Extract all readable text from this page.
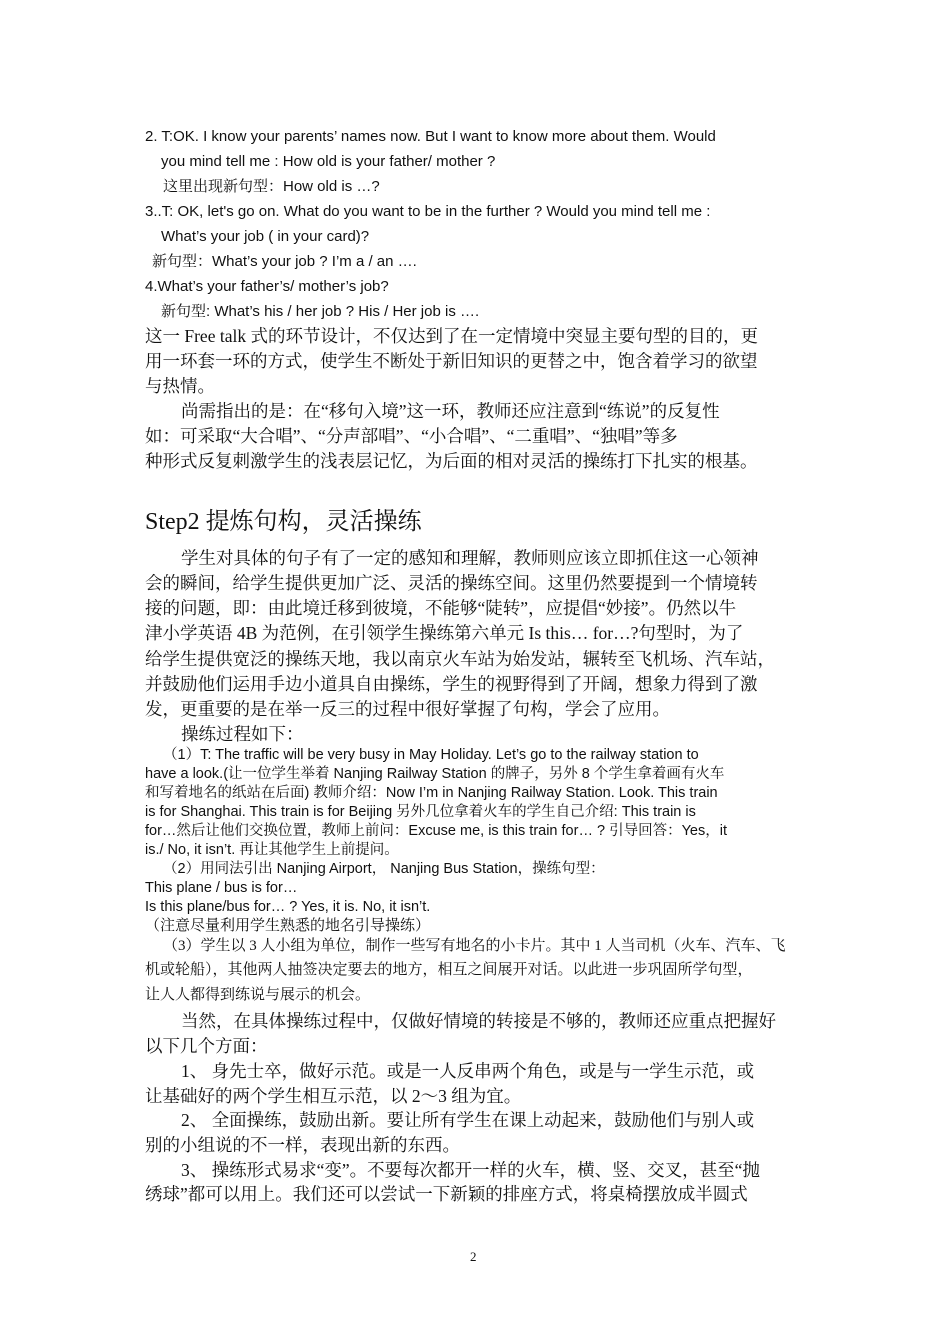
2. T:OK. I know your parents’ names now. But I want to know more about them. Would
you mind tell me : How old is your father/ mother ?
这里出现新句型：How old is …?
3..T: OK, let's go on. What do you want to be in the further ? Would you mind tell me :
What’s your job ( in your card)?
新句型：What’s your job ? I’m a / an ….
4.What’s your father’s/ mother’s job?
新句型: What’s his / her job ? His / Her job is ….
这一 Free talk 式的环节设计，不仅达到了在一定情境中突显主要句型的目的，更
用一环套一环的方式，使学生不断处于新旧知识的更替之中，饱含着学习的欲望
与热情。
尚需指出的是：在“移句入境”这一环，教师还应注意到“练说”的反复性
如：可采取“大合唱”、“分声部唱”、“小合唱”、“二重唱”、“独唱”等多
种形式反复刺激学生的浅表层记忆，为后面的相对灵活的操练打下扎实的根基。
Step2 提炼句构，灵活操练
学生对具体的句子有了一定的感知和理解，教师则应该立即抓住这一心领神
会的瞬间，给学生提供更加广泛、灵活的操练空间。这里仍然要提到一个情境转
接的问题，即：由此境迁移到彼境，不能够“陡转”，应提倡“妙接”。仍然以牛
津小学英语 4B 为范例，在引领学生操练第六单元 Is this… for…?句型时，为了
给学生提供宽泛的操练天地，我以南京火车站为始发站，辗转至飞机场、汽车站，
并鼓励他们运用手边小道具自由操练，学生的视野得到了开阔，想象力得到了激
发，更重要的是在举一反三的过程中很好掌握了句构，学会了应用。
操练过程如下：
（1）T: The traffic will be very busy in May Holiday. Let’s go to the railway station to
have a look.(让一位学生举着 Nanjing Railway Station 的牌子，另外 8 个学生拿着画有火车
和写着地名的纸站在后面) 教师介绍：Now I’m in Nanjing Railway Station. Look. This train
is for Shanghai. This train is for Beijing 另外几位拿着火车的学生自己介绍: This train is
for…然后让他们交换位置，教师上前问：Excuse me, is this train for… ? 引导回答：Yes，it
is./ No, it isn’t. 再让其他学生上前提问。
（2）用同法引出 Nanjing Airport， Nanjing Bus Station，操练句型：
This plane / bus is for…
Is this plane/bus for… ? Yes, it is. No, it isn’t.
（注意尽量利用学生熟悉的地名引导操练）
（3）学生以 3 人小组为单位，制作一些写有地名的小卡片。其中 1 人当司机（火车、汽车、飞
机或轮船），其他两人抽签决定要去的地方，相互之间展开对话。以此进一步巩固所学句型，
让人人都得到练说与展示的机会。
当然，在具体操练过程中，仅做好情境的转接是不够的，教师还应重点把握好
以下几个方面：
1、 身先士卒，做好示范。或是一人反串两个角色，或是与一学生示范，或
让基础好的两个学生相互示范，以 2～3 组为宜。
2、 全面操练，鼓励出新。要让所有学生在课上动起来，鼓励他们与别人或
别的小组说的不一样，表现出新的东西。
3、 操练形式易求“变”。不要每次都开一样的火车，横、竖、交叉，甚至“抛
绣球”都可以用上。我们还可以尝试一下新颖的排座方式，将桌椅摆放成半圆式
2
